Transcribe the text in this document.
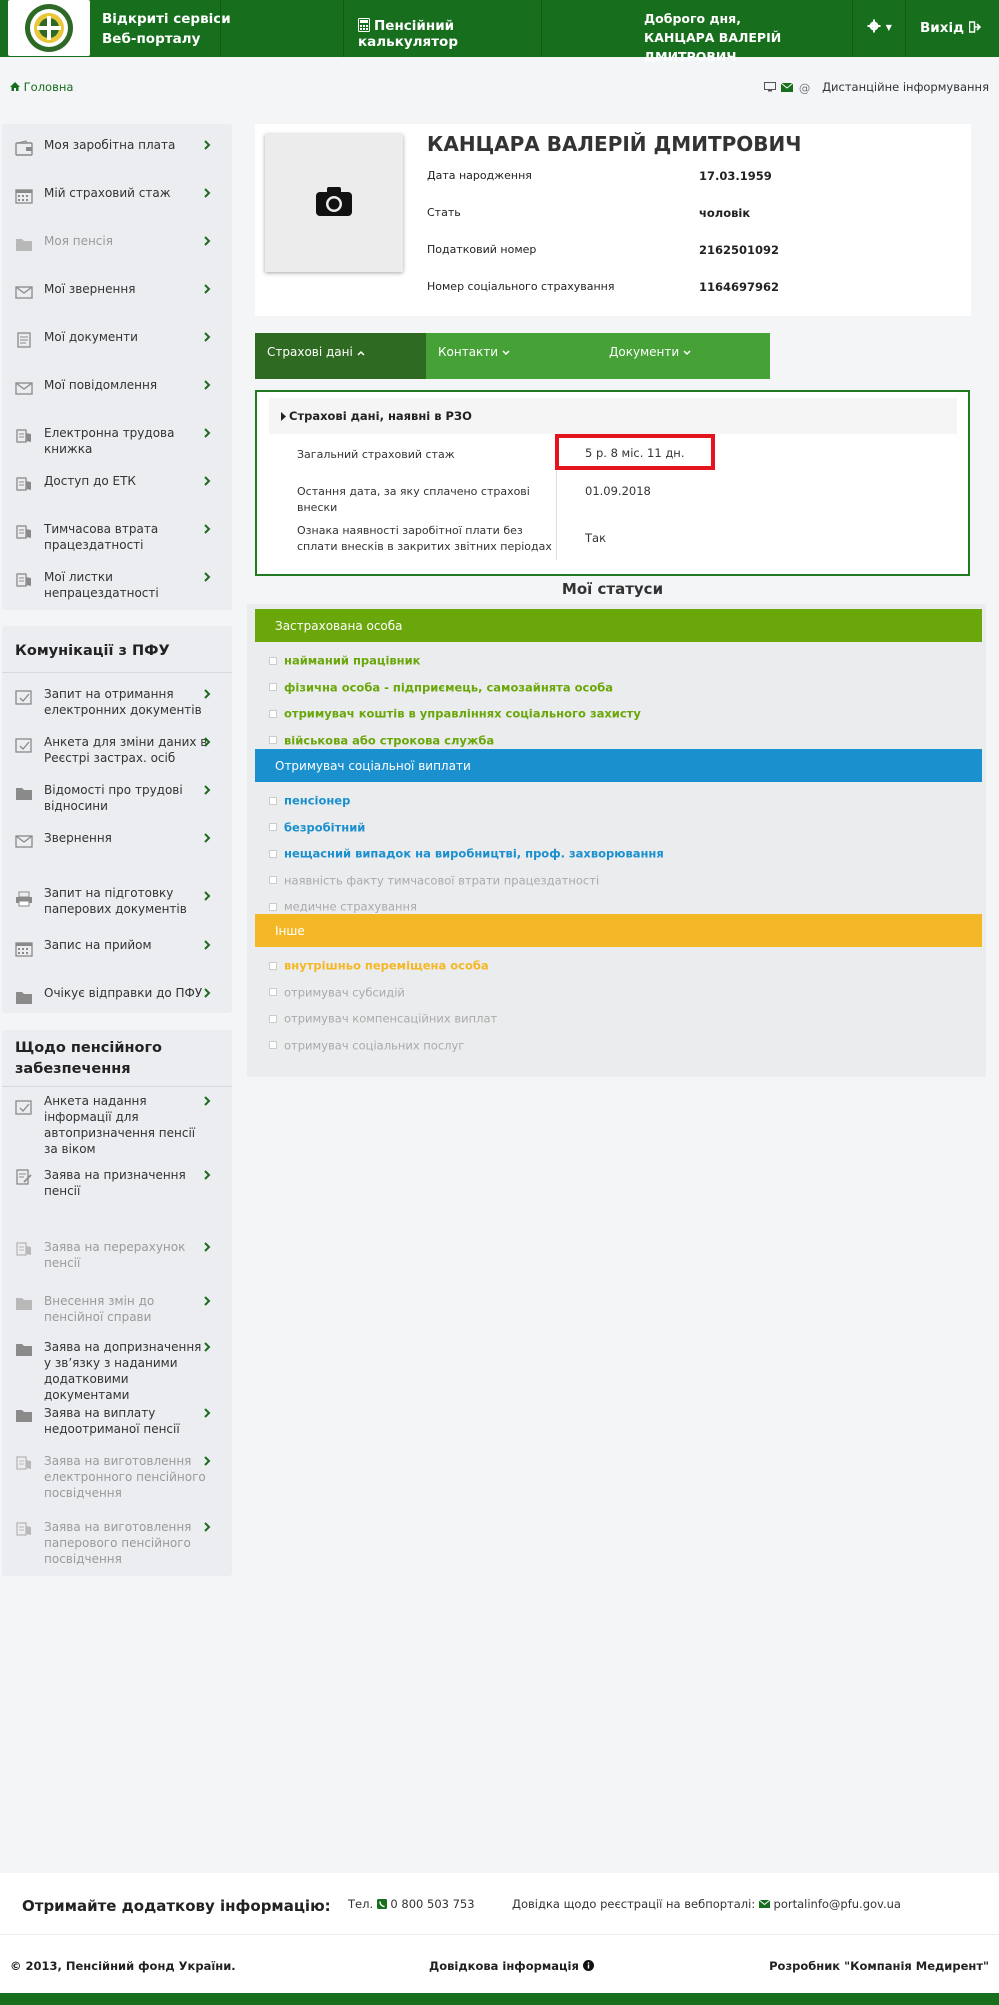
Відкриті сервіси
Веб-порталу
Пенсійний калькулятор
Доброго дня,
КАНЦАРА ВАЛЕРІЙ ДМИТРОВИЧ
▼	Вихід
Головна	@ Дистанційне інформування
Моя заробітна плата
Мій страховий стаж
Моя пенсія
Мої звернення
Мої документи
Мої повідомлення
Електронна трудова книжка
Доступ до ЕТК
Тимчасова втрата працездатності
Мої листки непрацездатності
Комунікації з ПФУ
Запит на отримання електронних документів
Анкета для зміни даних в Реєстрі застрах. осіб
Відомості про трудові відносини
Звернення
Запит на підготовку паперових документів
Запис на прийом
Очікує відправки до ПФУ
Щодо пенсійного забезпечення
Анкета надання інформації для автопризначення пенсії за віком
Заява на призначення пенсії
Заява на перерахунок пенсії
Внесення змін до пенсійної справи
Заява на допризначення у зв’язку з наданими додатковими документами
Заява на виплату недоотриманої пенсії
Заява на виготовлення електронного пенсійного посвідчення
Заява на виготовлення паперового пенсійного посвідчення
КАНЦАРА ВАЛЕРІЙ ДМИТРОВИЧ
Дата народження	17.03.1959
Стать	чоловік
Податковий номер	2162501092
Номер соціального страхування	1164697962
Страхові дані	Контакти	Документи
Страхові дані, наявні в РЗО
Загальний страховий стаж	5 р. 8 міс. 11 дн.
Остання дата, за яку сплачено страхові внески
01.09.2018
Ознака наявності заробітної плати без сплати внесків в закритих звітних періодах
Так
Мої статуси
Застрахована особа
найманий працівник
фізична особа - підприємець, самозайнята особа
отримувач коштів в управліннях соціального захисту
військова або строкова служба
Отримувач соціальної виплати
пенсіонер
безробітний
нещасний випадок на виробництві, проф. захворювання
наявність факту тимчасової втрати працездатності
медичне страхування
Інше
внутрішньо переміщена особа
отримувач субсидій
отримувач компенсаційних виплат
отримувач соціальних послуг
Отримайте додаткову інформацію: Тел. 0 800 503 753	Довідка щодо реєстрації на вебпорталі: portalinfo@pfu.gov.ua
© 2013, Пенсійний фонд України.	Довідкова інформація	Розробник "Компанія Медирент"
